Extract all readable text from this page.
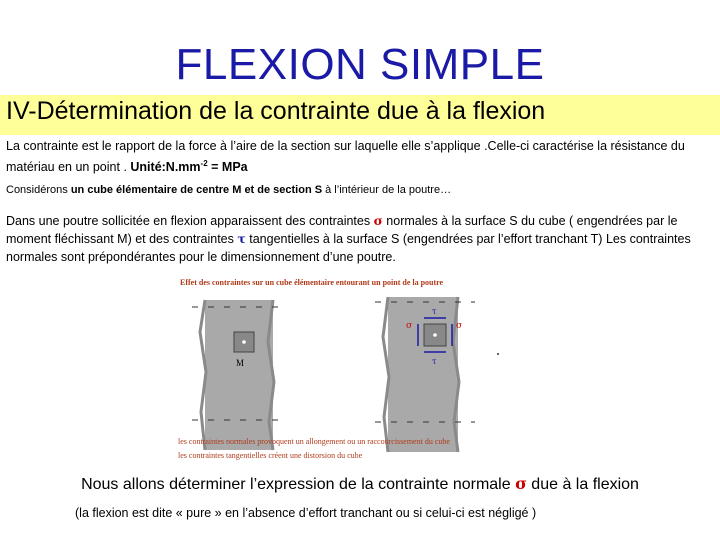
FLEXION SIMPLE
IV-Détermination de la contrainte due à la flexion
La contrainte est le rapport de la force à l’aire de la section sur laquelle elle s’applique .Celle-ci caractérise la résistance du matériau en un point . $Unité:N.mm^{-2}$ = MPa
Considérons un cube élémentaire de centre M et de section S à l’intérieur de la poutre…
Dans une poutre sollicitée en flexion apparaissent des contraintes σ normales à la surface S du cube ( engendrées par le moment fléchissant M) et des contraintes τ tangentielles à la surface S (engendrées par l’effort tranchant T) Les contraintes normales sont prépondérantes pour le dimensionnement d’une poutre.
σ	σ
τ
τ
Effet des contraintes sur un cube élémentaire entourant un point de la poutre
M
les contraintes normales provoquent un allongement ou un raccourcissement du cube
les contraintes tangentielles créent une distorsion du cube
Nous allons déterminer l’expression de la contrainte normale σ due à la flexion
(la flexion est dite « pure » en l’absence d’effort tranchant ou si celui-ci est négligé )
